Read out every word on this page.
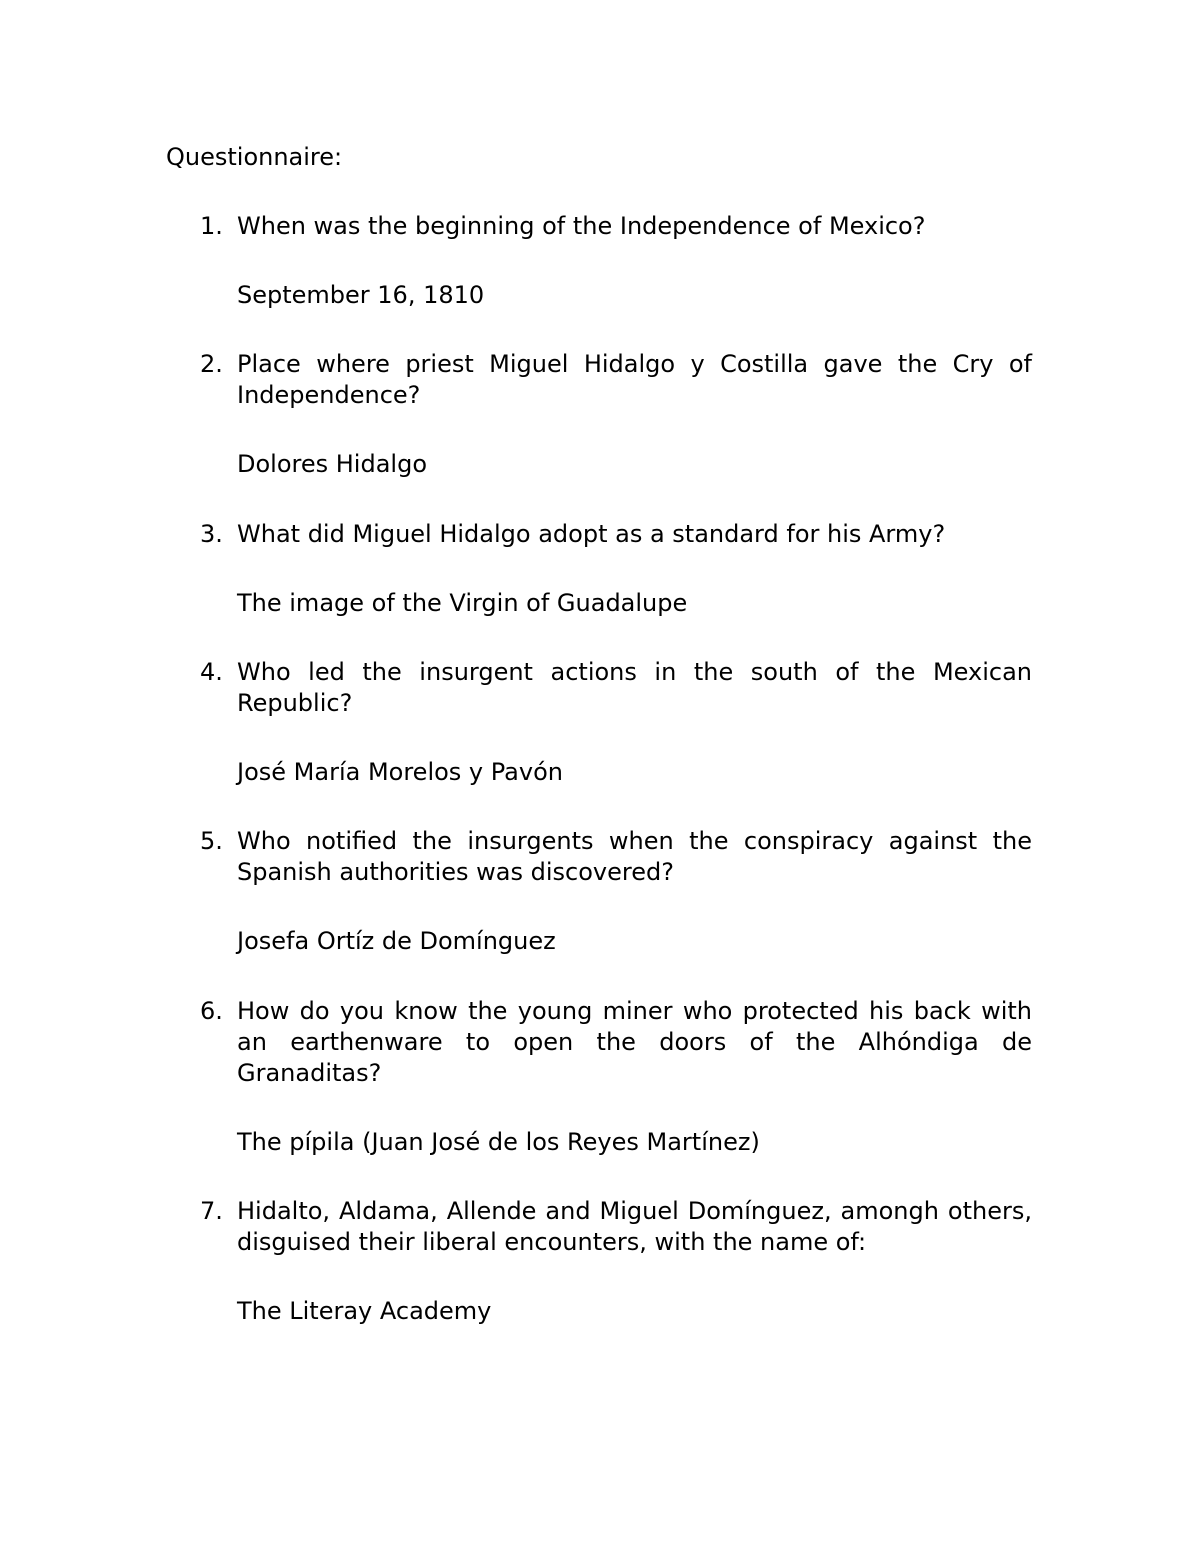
Questionnaire:
1. When was the beginning of the Independence of Mexico?
September 16, 1810
2. Place where priest Miguel Hidalgo y Costilla gave the Cry of Independence?
Dolores Hidalgo
3. What did Miguel Hidalgo adopt as a standard for his Army?
The image of the Virgin of Guadalupe
4. Who led the insurgent actions in the south of the Mexican Republic?
José María Morelos y Pavón
5. Who notified the insurgents when the conspiracy against the Spanish authorities was discovered?
Josefa Ortíz de Domínguez
6. How do you know the young miner who protected his back with an earthenware to open the doors of the Alhóndiga de Granaditas?
The pípila (Juan José de los Reyes Martínez)
7. Hidalto, Aldama, Allende and Miguel Domínguez, amongh others, disguised their liberal encounters, with the name of:
The Literay Academy
